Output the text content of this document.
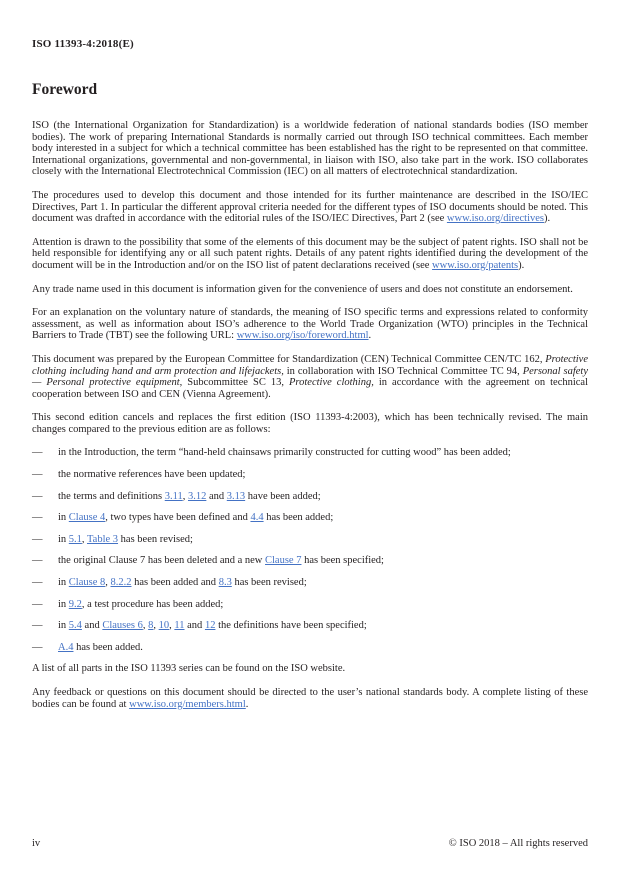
ISO 11393-4:2018(E)

Foreword

ISO (the International Organization for Standardization) is a worldwide federation of national standards bodies (ISO member bodies). The work of preparing International Standards is normally carried out through ISO technical committees. Each member body interested in a subject for which a technical committee has been established has the right to be represented on that committee. International organizations, governmental and non-governmental, in liaison with ISO, also take part in the work. ISO collaborates closely with the International Electrotechnical Commission (IEC) on all matters of electrotechnical standardization.

The procedures used to develop this document and those intended for its further maintenance are described in the ISO/IEC Directives, Part 1. In particular the different approval criteria needed for the different types of ISO documents should be noted. This document was drafted in accordance with the editorial rules of the ISO/IEC Directives, Part 2 (see www.iso.org/directives).

Attention is drawn to the possibility that some of the elements of this document may be the subject of patent rights. ISO shall not be held responsible for identifying any or all such patent rights. Details of any patent rights identified during the development of the document will be in the Introduction and/or on the ISO list of patent declarations received (see www.iso.org/patents).

Any trade name used in this document is information given for the convenience of users and does not constitute an endorsement.

For an explanation on the voluntary nature of standards, the meaning of ISO specific terms and expressions related to conformity assessment, as well as information about ISO’s adherence to the World Trade Organization (WTO) principles in the Technical Barriers to Trade (TBT) see the following URL: www.iso.org/iso/foreword.html.

This document was prepared by the European Committee for Standardization (CEN) Technical Committee CEN/TC 162, Protective clothing including hand and arm protection and lifejackets, in collaboration with ISO Technical Committee TC 94, Personal safety — Personal protective equipment, Subcommittee SC 13, Protective clothing, in accordance with the agreement on technical cooperation between ISO and CEN (Vienna Agreement).

This second edition cancels and replaces the first edition (ISO 11393-4:2003), which has been technically revised. The main changes compared to the previous edition are as follows:

— in the Introduction, the term “hand-held chainsaws primarily constructed for cutting wood” has been added;
— the normative references have been updated;
— the terms and definitions 3.11, 3.12 and 3.13 have been added;
— in Clause 4, two types have been defined and 4.4 has been added;
— in 5.1, Table 3 has been revised;
— the original Clause 7 has been deleted and a new Clause 7 has been specified;
— in Clause 8, 8.2.2 has been added and 8.3 has been revised;
— in 9.2, a test procedure has been added;
— in 5.4 and Clauses 6, 8, 10, 11 and 12 the definitions have been specified;
— A.4 has been added.

A list of all parts in the ISO 11393 series can be found on the ISO website.

Any feedback or questions on this document should be directed to the user’s national standards body. A complete listing of these bodies can be found at www.iso.org/members.html.

iv	© ISO 2018 – All rights reserved
